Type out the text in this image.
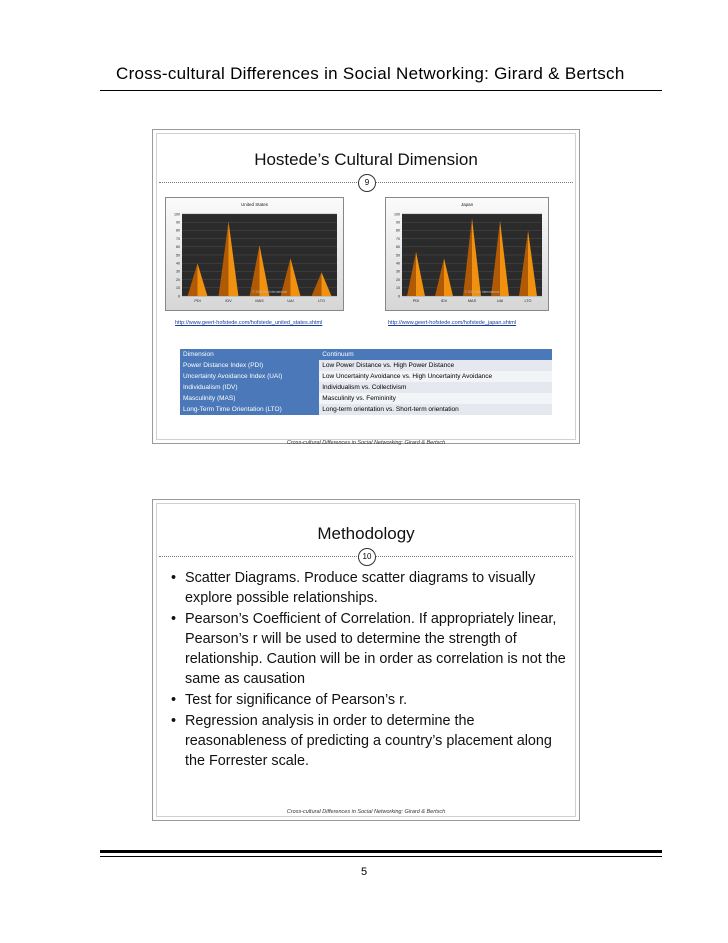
Cross-cultural Differences in Social Networking: Girard & Bertsch
Hostede’s Cultural Dimension
9
United States
0
10
20
30
40
50
60
70
80
90
100
PDI	IDV	MAS	UAI	LTO
© 2003 Itim International
Japan
0
10
20
30
40
50
60
70
80
90
100
PDI	IDV	MAS	UAI	LTO
© 2003 Itim International
http://www.geert-hofstede.com/hofstede_united_states.shtml	http://www.geert-hofstede.com/hofstede_japan.shtml
Dimension	Continuum
Power Distance Index (PDI)	Low Power Distance vs. High Power Distance
Uncertainty Avoidance Index (UAI)	Low Uncertainty Avoidance vs. High Uncertainty Avoidance
Individualism (IDV)	Individualism vs. Collectivism
Masculinity (MAS)	Masculinity vs. Femininity
Long-Term Time Orientation (LTO)	Long-term orientation vs. Short-term orientation
Cross-cultural Differences in Social Networking: Girard & Bertsch
Methodology
10
• Scatter Diagrams. Produce scatter diagrams to visually explore possible relationships.
• Pearson’s Coefficient of Correlation. If appropriately linear, Pearson’s r will be used to determine the strength of relationship. Caution will be in order as correlation is not the same as causation
• Test for significance of Pearson’s r.
• Regression analysis in order to determine the reasonableness of predicting a country’s placement along the Forrester scale.
Cross-cultural Differences in Social Networking: Girard & Bertsch
5
